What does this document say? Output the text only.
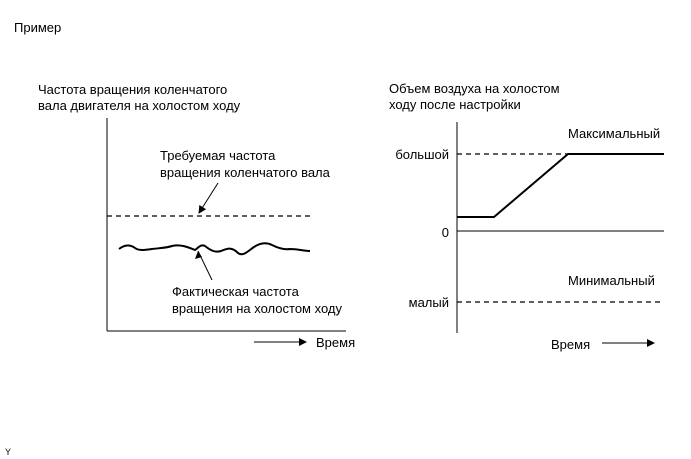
Пример
Частота вращения коленчатого
вала двигателя на холостом ходу
Требуемая частота
вращения коленчатого вала
Фактическая частота
вращения на холостом ходу
Время
Объем воздуха на холостом
ходу после настройки
Максимальный
Минимальный
большой
0
малый
Время
Y
